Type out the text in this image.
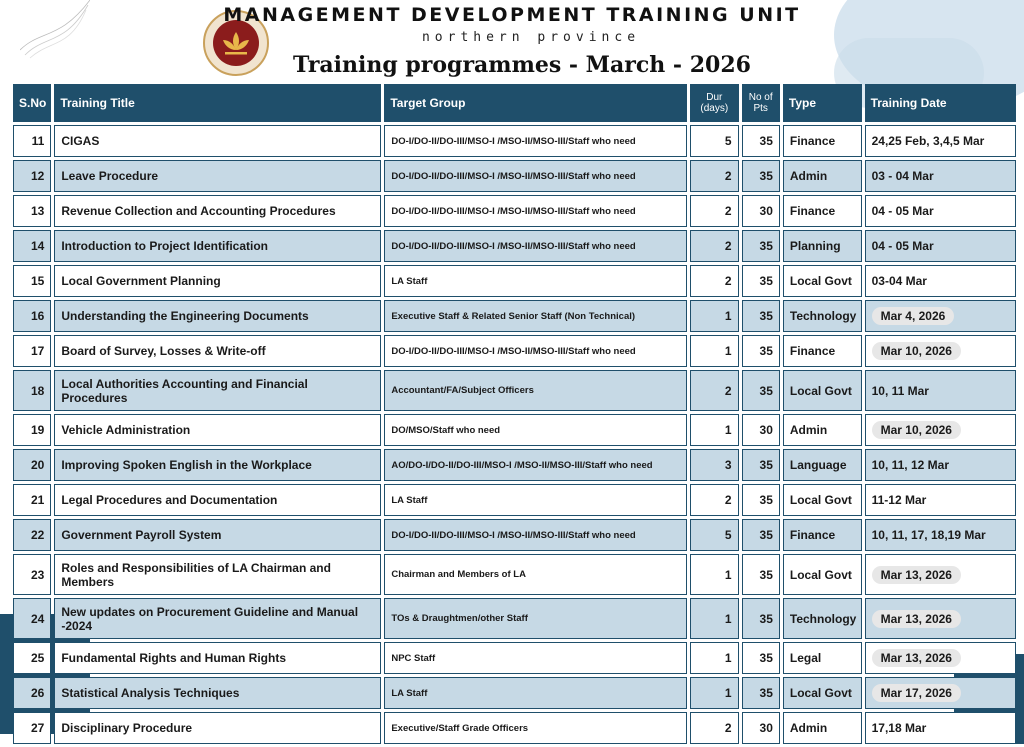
MANAGEMENT DEVELOPMENT TRAINING UNIT
northern province
Training programmes - March - 2026
S.No	Training Title	Target Group	Dur (days)	No of Pts	Type	Training Date
11	CIGAS	DO-I/DO-II/DO-III/MSO-I /MSO-II/MSO-III/Staff who need	5	35	Finance	24,25 Feb, 3,4,5 Mar
12	Leave Procedure	DO-I/DO-II/DO-III/MSO-I /MSO-II/MSO-III/Staff who need	2	35	Admin	03 - 04 Mar
13	Revenue Collection and Accounting Procedures	DO-I/DO-II/DO-III/MSO-I /MSO-II/MSO-III/Staff who need	2	30	Finance	04 - 05 Mar
14	Introduction to Project Identification	DO-I/DO-II/DO-III/MSO-I /MSO-II/MSO-III/Staff who need	2	35	Planning	04 - 05 Mar
15	Local Government Planning	LA Staff	2	35	Local Govt	03-04 Mar
16	Understanding the Engineering Documents	Executive Staff & Related Senior Staff (Non Technical)	1	35	Technology	Mar 4, 2026
17	Board of Survey, Losses & Write-off	DO-I/DO-II/DO-III/MSO-I /MSO-II/MSO-III/Staff who need	1	35	Finance	Mar 10, 2026
18	Local Authorities Accounting and Financial Procedures	Accountant/FA/Subject Officers	2	35	Local Govt	10, 11 Mar
19	Vehicle Administration	DO/MSO/Staff who need	1	30	Admin	Mar 10, 2026
20	Improving Spoken English in the Workplace	AO/DO-I/DO-II/DO-III/MSO-I /MSO-II/MSO-III/Staff who need	3	35	Language	10, 11, 12 Mar
21	Legal Procedures and Documentation	LA Staff	2	35	Local Govt	11-12 Mar
22	Government Payroll System	DO-I/DO-II/DO-III/MSO-I /MSO-II/MSO-III/Staff who need	5	35	Finance	10, 11, 17, 18,19 Mar
23	Roles and Responsibilities of LA Chairman and Members	Chairman and Members of LA	1	35	Local Govt	Mar 13, 2026
24	New updates on Procurement Guideline and Manual -2024	TOs & Draughtmen/other Staff	1	35	Technology	Mar 13, 2026
25	Fundamental Rights and Human Rights	NPC Staff	1	35	Legal	Mar 13, 2026
26	Statistical Analysis Techniques	LA Staff	1	35	Local Govt	Mar 17, 2026
27	Disciplinary Procedure	Executive/Staff Grade Officers	2	30	Admin	17,18 Mar
